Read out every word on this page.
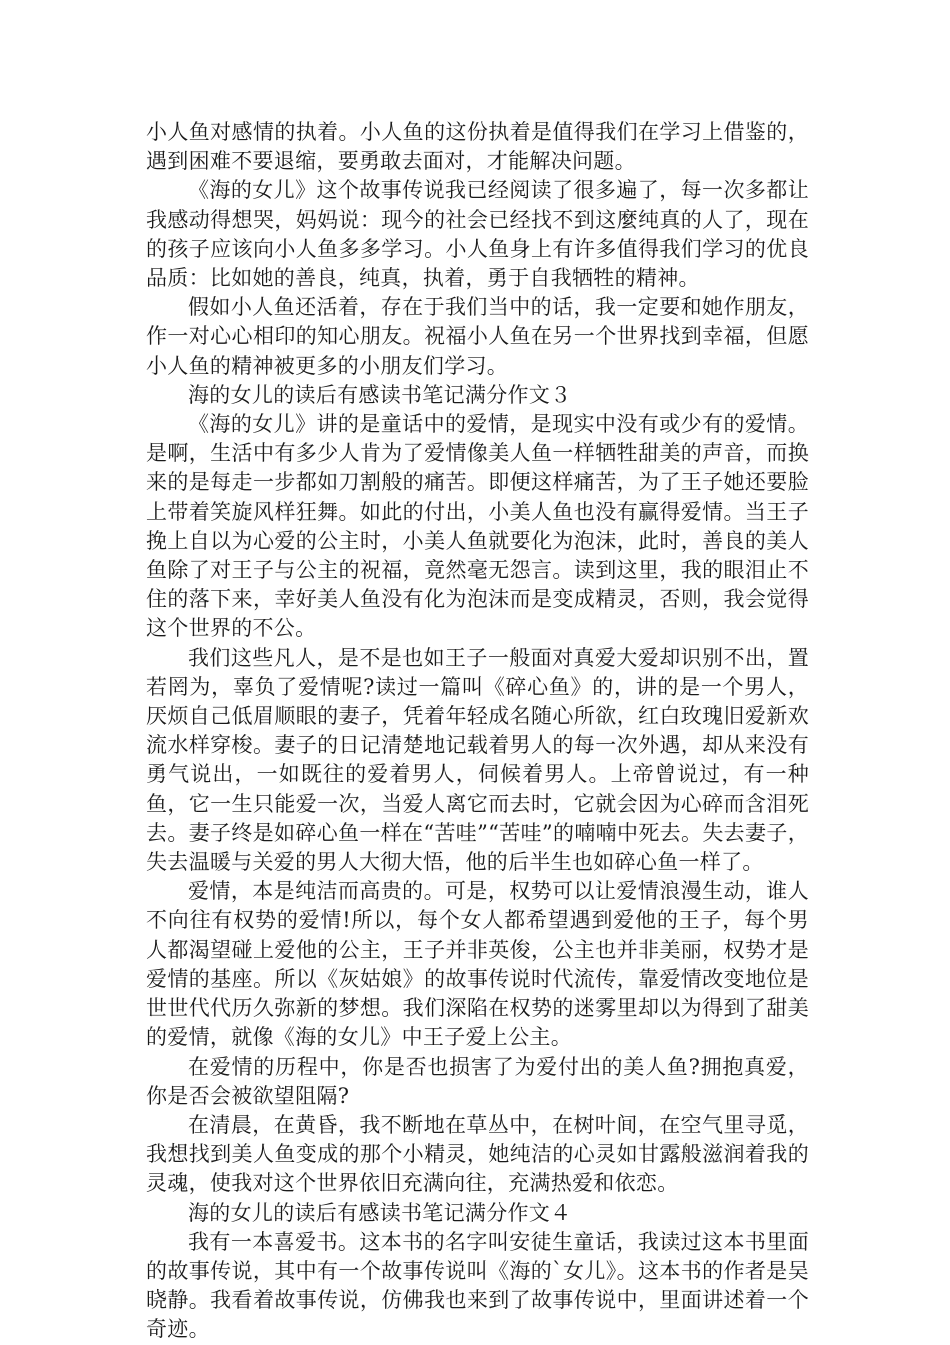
小人鱼对感情的执着。小人鱼的这份执着是值得我们在学习上借鉴的，遇到困难不要退缩，要勇敢去面对，才能解决问题。

《海的女儿》这个故事传说我已经阅读了很多遍了，每一次多都让我感动得想哭，妈妈说：现今的社会已经找不到这麼纯真的人了，现在的孩子应该向小人鱼多多学习。小人鱼身上有许多值得我们学习的优良品质：比如她的善良，纯真，执着，勇于自我牺牲的精神。

假如小人鱼还活着，存在于我们当中的话，我一定要和她作朋友，作一对心心相印的知心朋友。祝福小人鱼在另一个世界找到幸福，但愿小人鱼的精神被更多的小朋友们学习。

海的女儿的读后有感读书笔记满分作文３

《海的女儿》讲的是童话中的爱情，是现实中没有或少有的爱情。是啊，生活中有多少人肯为了爱情像美人鱼一样牺牲甜美的声音，而换来的是每走一步都如刀割般的痛苦。即便这样痛苦，为了王子她还要脸上带着笑旋风样狂舞。如此的付出，小美人鱼也没有赢得爱情。当王子挽上自以为心爱的公主时，小美人鱼就要化为泡沫，此时，善良的美人鱼除了对王子与公主的祝福，竟然毫无怨言。读到这里，我的眼泪止不住的落下来，幸好美人鱼没有化为泡沫而是变成精灵，否则，我会觉得这个世界的不公。

我们这些凡人，是不是也如王子一般面对真爱大爱却识别不出，置若罔为，辜负了爱情呢?读过一篇叫《碎心鱼》的，讲的是一个男人，厌烦自己低眉顺眼的妻子，凭着年轻成名随心所欲，红白玫瑰旧爱新欢流水样穿梭。妻子的日记清楚地记载着男人的每一次外遇，却从来没有勇气说出，一如既往的爱着男人，伺候着男人。上帝曾说过，有一种鱼，它一生只能爱一次，当爱人离它而去时，它就会因为心碎而含泪死去。妻子终是如碎心鱼一样在“苦哇”“苦哇”的喃喃中死去。失去妻子，失去温暖与关爱的男人大彻大悟，他的后半生也如碎心鱼一样了。

爱情，本是纯洁而高贵的。可是，权势可以让爱情浪漫生动，谁人不向往有权势的爱情!所以，每个女人都希望遇到爱他的王子，每个男人都渴望碰上爱他的公主，王子并非英俊，公主也并非美丽，权势才是爱情的基座。所以《灰姑娘》的故事传说时代流传，靠爱情改变地位是世世代代历久弥新的梦想。我们深陷在权势的迷雾里却以为得到了甜美的爱情，就像《海的女儿》中王子爱上公主。

在爱情的历程中，你是否也损害了为爱付出的美人鱼?拥抱真爱，你是否会被欲望阻隔?

在清晨，在黄昏，我不断地在草丛中，在树叶间，在空气里寻觅，我想找到美人鱼变成的那个小精灵，她纯洁的心灵如甘露般滋润着我的灵魂，使我对这个世界依旧充满向往，充满热爱和依恋。

海的女儿的读后有感读书笔记满分作文４

我有一本喜爱书。这本书的名字叫安徒生童话，我读过这本书里面的故事传说，其中有一个故事传说叫《海的`女儿》。这本书的作者是吴晓静。我看着故事传说，仿佛我也来到了故事传说中，里面讲述着一个奇迹。
